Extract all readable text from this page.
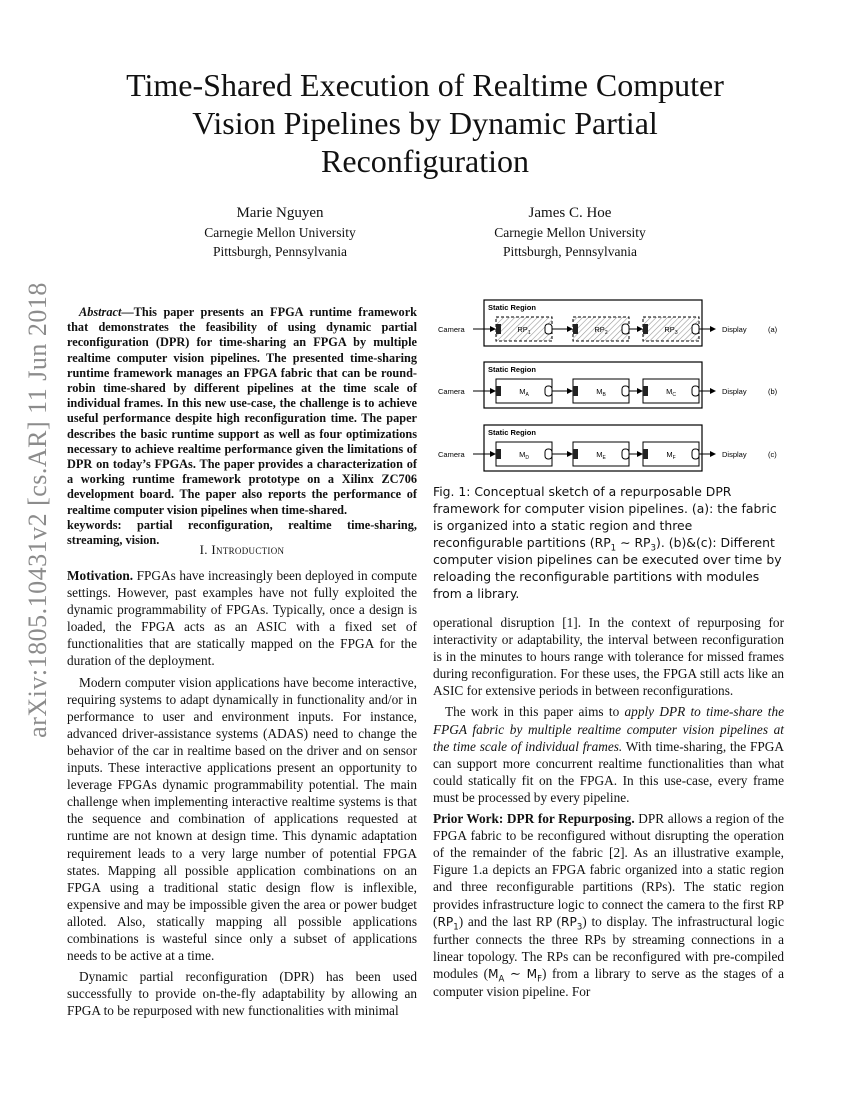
arXiv:1805.10431v2 [cs.AR] 11 Jun 2018
Time-Shared Execution of Realtime Computer Vision Pipelines by Dynamic Partial Reconfiguration
Marie Nguyen
Carnegie Mellon University
Pittsburgh, Pennsylvania
James C. Hoe
Carnegie Mellon University
Pittsburgh, Pennsylvania

Abstract—This paper presents an FPGA runtime framework that demonstrates the feasibility of using dynamic partial reconfiguration (DPR) for time-sharing an FPGA by multiple realtime computer vision pipelines. The presented time-sharing runtime framework manages an FPGA fabric that can be round-robin time-shared by different pipelines at the time scale of individual frames. In this new use-case, the challenge is to achieve useful performance despite high reconfiguration time. The paper describes the basic runtime support as well as four optimizations necessary to achieve realtime performance given the limitations of DPR on today’s FPGAs. The paper provides a characterization of a working runtime framework prototype on a Xilinx ZC706 development board. The paper also reports the performance of realtime computer vision pipelines when time-shared.

keywords: partial reconfiguration, realtime time-sharing, streaming, vision.

I. Introduction

Motivation. FPGAs have increasingly been deployed in compute settings. However, past examples have not fully exploited the dynamic programmability of FPGAs. Typically, once a design is loaded, the FPGA acts as an ASIC with a fixed set of functionalities that are statically mapped on the FPGA for the duration of the deployment.

Modern computer vision applications have become interactive, requiring systems to adapt dynamically in functionality and/or in performance to user and environment inputs. For instance, advanced driver-assistance systems (ADAS) need to change the behavior of the car in realtime based on the driver and on sensor inputs. These interactive applications present an opportunity to leverage FPGAs dynamic programmability potential. The main challenge when implementing interactive realtime systems is that the sequence and combination of applications requested at runtime are not known at design time. This dynamic adaptation requirement leads to a very large number of potential FPGA states. Mapping all possible application combinations on an FPGA using a traditional static design flow is inflexible, expensive and may be impossible given the area or power budget alloted. Also, statically mapping all possible applications combinations is wasteful since only a subset of applications needs to be active at a time.

Dynamic partial reconfiguration (DPR) has been used successfully to provide on-the-fly adaptability by allowing an FPGA to be repurposed with new functionalities with minimal

Static Region
Camera	$RP_1$	$RP_2$	$RP_3$	Display	(a)
Static Region
Camera	$M_A$	$M_B$	$M_C$	Display	(b)
Static Region
Camera	$M_D$	$M_E$	$M_F$	Display	(c)

Fig. 1: Conceptual sketch of a repurposable DPR framework for computer vision pipelines. (a): the fabric is organized into a static region and three reconfigurable partitions ($RP_1$ ∼ $RP_3$). (b)&(c): Different computer vision pipelines can be executed over time by reloading the reconfigurable partitions with modules from a library.

operational disruption [1]. In the context of repurposing for interactivity or adaptability, the interval between reconfiguration is in the minutes to hours range with tolerance for missed frames during reconfiguration. For these uses, the FPGA still acts like an ASIC for extensive periods in between reconfigurations.

The work in this paper aims to apply DPR to time-share the FPGA fabric by multiple realtime computer vision pipelines at the time scale of individual frames. With time-sharing, the FPGA can support more concurrent realtime functionalities than what could statically fit on the FPGA. In this use-case, every frame must be processed by every pipeline.

Prior Work: DPR for Repurposing. DPR allows a region of the FPGA fabric to be reconfigured without disrupting the operation of the remainder of the fabric [2]. As an illustrative example, Figure 1.a depicts an FPGA fabric organized into a static region and three reconfigurable partitions (RPs). The static region provides infrastructure logic to connect the camera to the first RP $(RP_1)$ and the last RP $(RP_3)$ to display. The infrastructural logic further connects the three RPs by streaming connections in a linear topology. The RPs can be reconfigured with pre-compiled modules ($M_A$ ∼ $M_F$) from a library to serve as the stages of a computer vision pipeline. For
